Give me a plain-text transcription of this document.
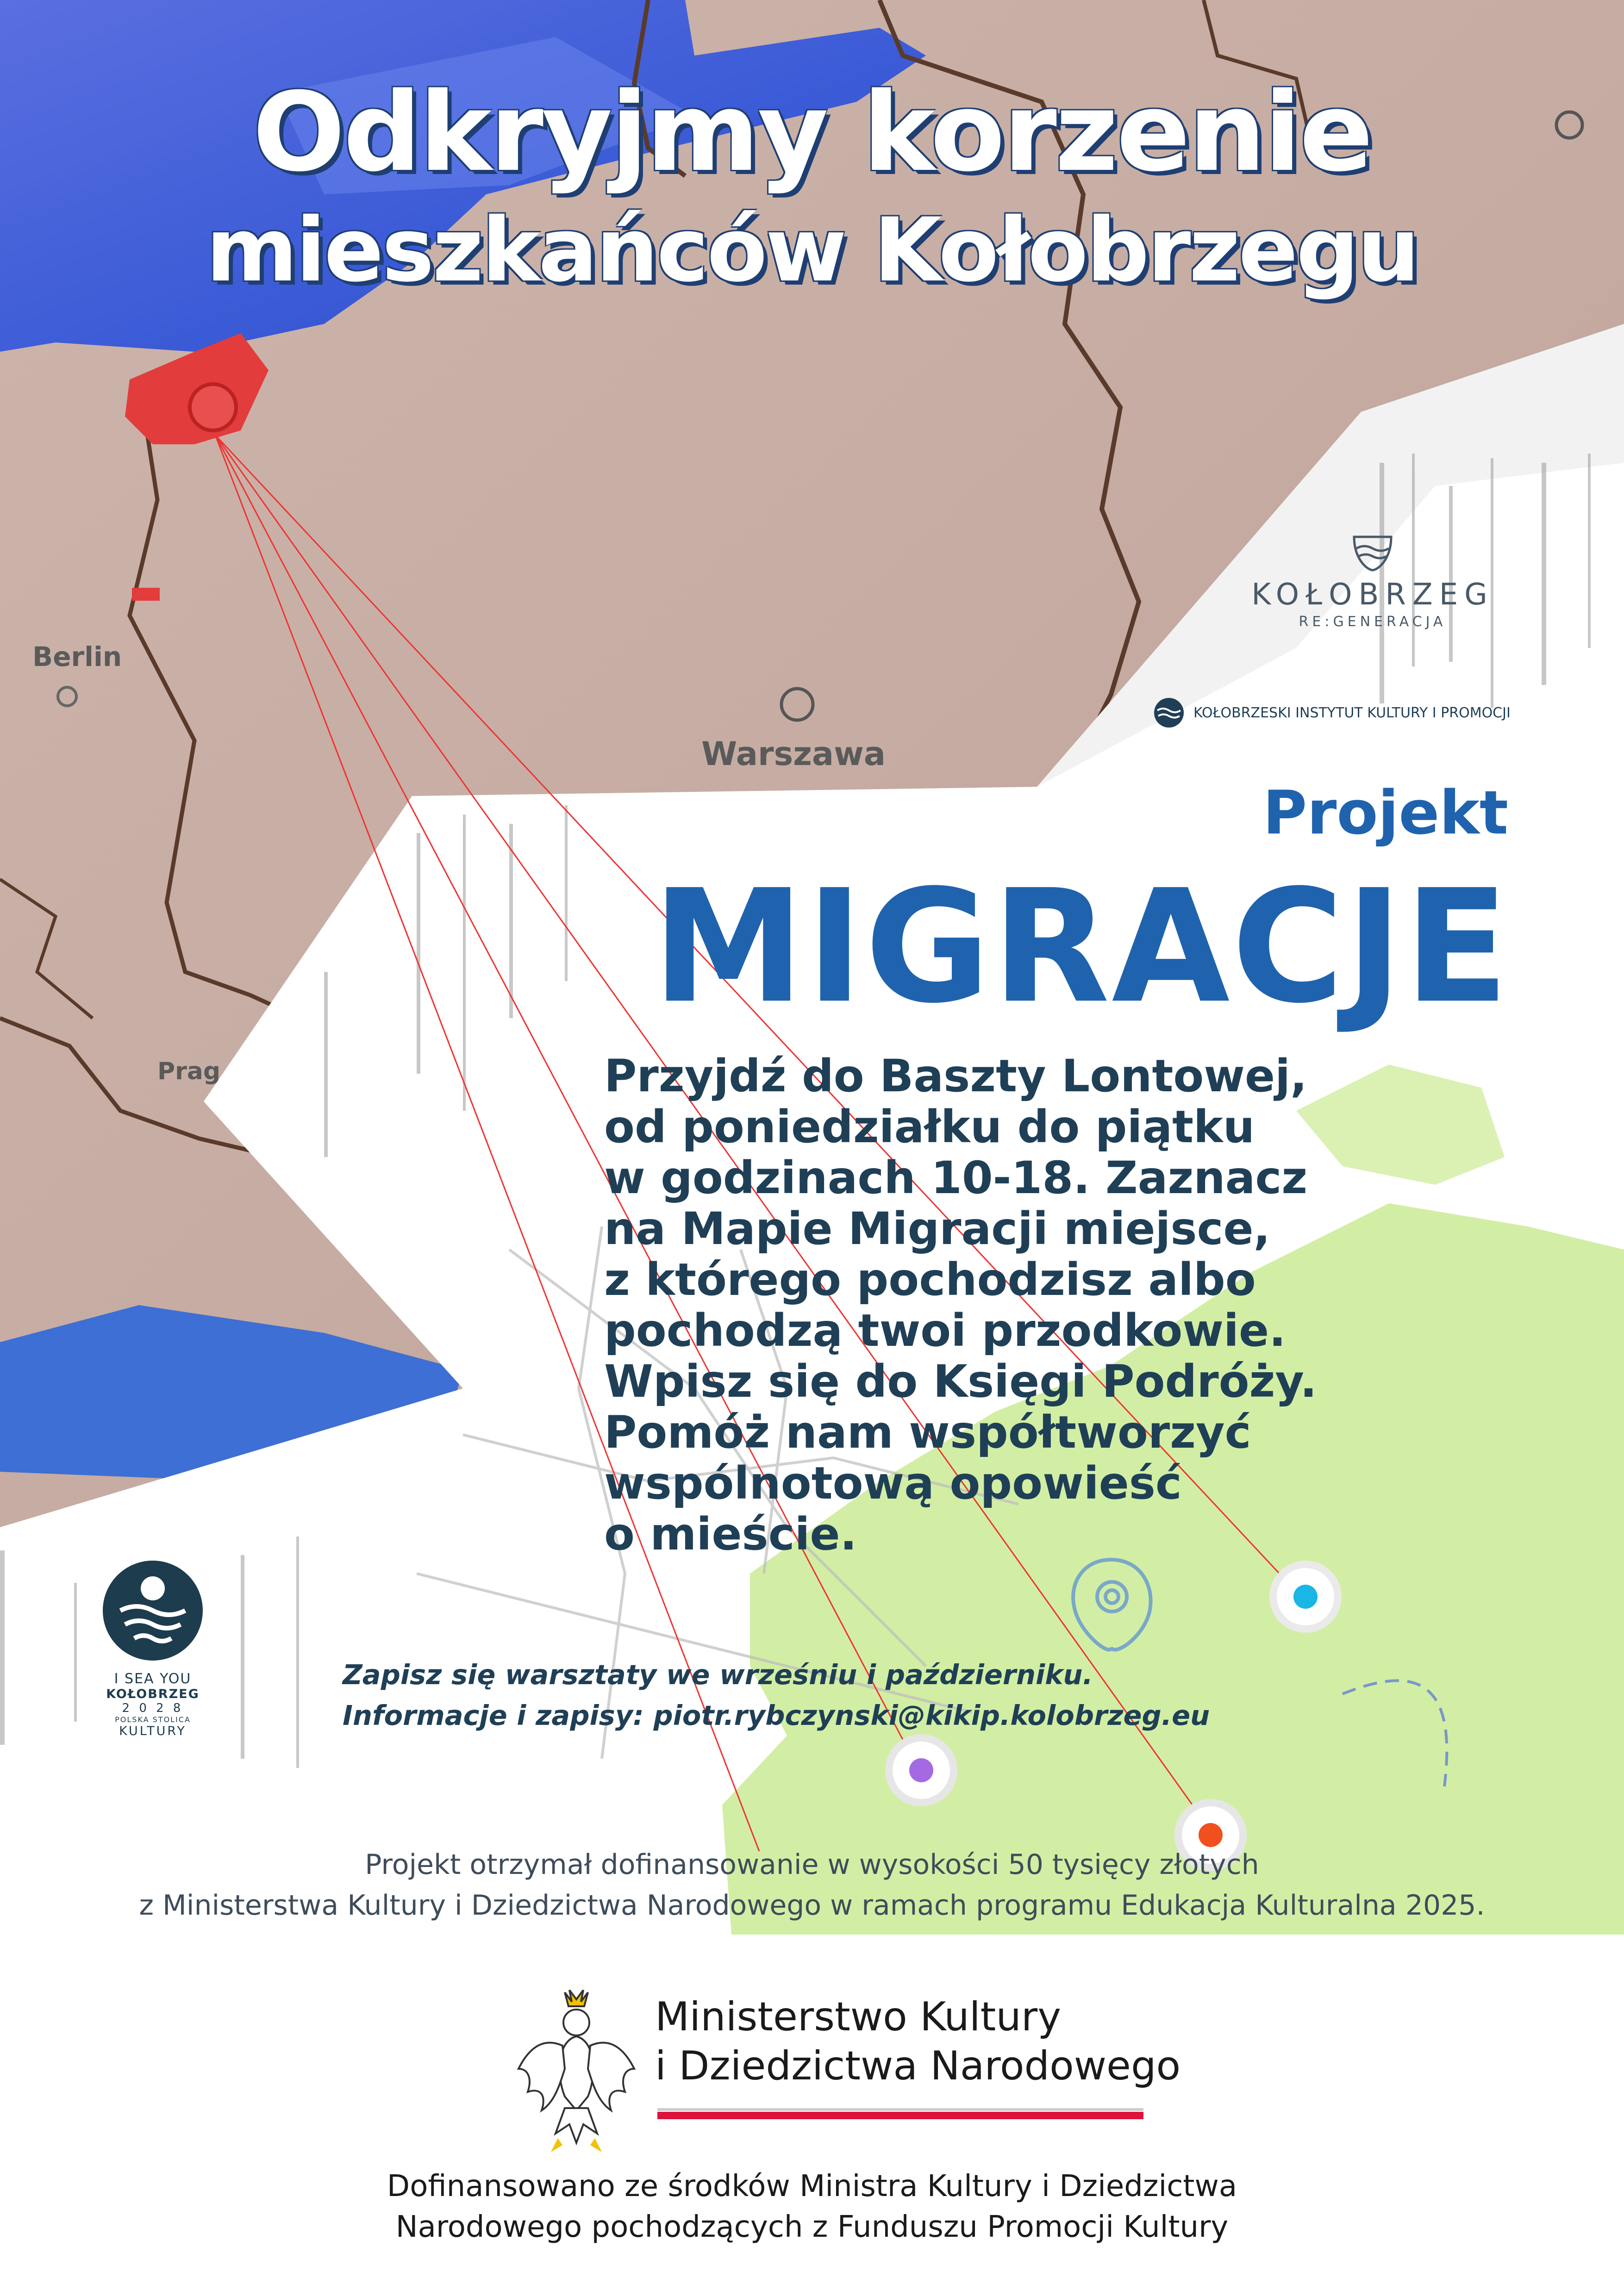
Odkryjmy korzenie
mieszkańców Kołobrzegu
Berlin
Warszawa
Prag
KOŁOBRZEG
RE:GENERACJA
KOŁOBRZESKI INSTYTUT KULTURY I PROMOCJI
Projekt
MIGRACJE
Przyjdź do Baszty Lontowej,
od poniedziałku do piątku
w godzinach 10-18. Zaznacz
na Mapie Migracji miejsce,
z którego pochodzisz albo
pochodzą twoi przodkowie.
Wpisz się do Księgi Podróży.
Pomóż nam współtworzyć
wspólnotową opowieść
o mieście.
I SEA YOU
KOŁOBRZEG
2 0 2 8
POLSKA STOLICA
KULTURY
Zapisz się warsztaty we wrześniu i październiku.
Informacje i zapisy: piotr.rybczynski@kikip.kolobrzeg.eu
Projekt otrzymał dofinansowanie w wysokości 50 tysięcy złotych
z Ministerstwa Kultury i Dziedzictwa Narodowego w ramach programu Edukacja Kulturalna 2025.
Ministerstwo Kultury
i Dziedzictwa Narodowego
Dofinansowano ze środków Ministra Kultury i Dziedzictwa
Narodowego pochodzących z Funduszu Promocji Kultury
